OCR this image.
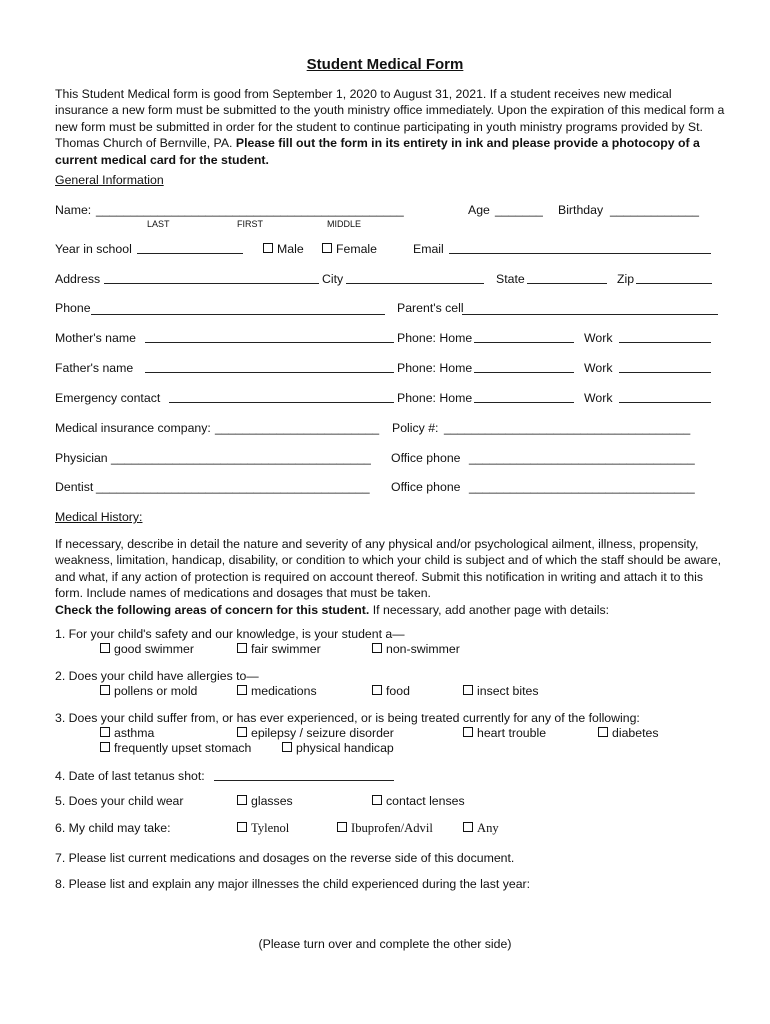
Student Medical Form
This Student Medical form is good from September 1, 2020 to August 31, 2021. If a student receives new medical insurance a new form must be submitted to the youth ministry office immediately. Upon the expiration of this medical form a new form must be submitted in order for the student to continue participating in youth ministry programs provided by St. Thomas Church of Bernville, PA. Please fill out the form in its entirety in ink and please provide a photocopy of a current medical card for the student.
General Information
Name: _____________________________________________
LAST	FIRST	MIDDLE
Age _______ Birthday _____________
Year in school	Male	Female	Email
Address	City	State	Zip
Phone	Parent's cell
Mother's name	Phone: Home	Work
Father's name	Phone: Home	Work
Emergency contact	Phone: Home	Work
Medical insurance company: ________________________ Policy #: ____________________________________
Physician ______________________________________ Office phone _________________________________
Dentist ________________________________________ Office phone _________________________________
Medical History:
If necessary, describe in detail the nature and severity of any physical and/or psychological ailment, illness, propensity, weakness, limitation, handicap, disability, or condition to which your child is subject and of which the staff should be aware, and what, if any action of protection is required on account thereof. Submit this notification in writing and attach it to this form. Include names of medications and dosages that must be taken.
Check the following areas of concern for this student. If necessary, add another page with details:
1. For your child's safety and our knowledge, is your student a—
good swimmer	fair swimmer	non-swimmer
2. Does your child have allergies to—
pollens or mold	medications	food	insect bites
3. Does your child suffer from, or has ever experienced, or is being treated currently for any of the following:
asthma	epilepsy / seizure disorder	heart trouble	diabetes
frequently upset stomach	physical handicap
4. Date of last tetanus shot:
5. Does your child wear	glasses	contact lenses
6. My child may take:	Tylenol	Ibuprofen/Advil	Any
7. Please list current medications and dosages on the reverse side of this document.
8. Please list and explain any major illnesses the child experienced during the last year:
(Please turn over and complete the other side)
